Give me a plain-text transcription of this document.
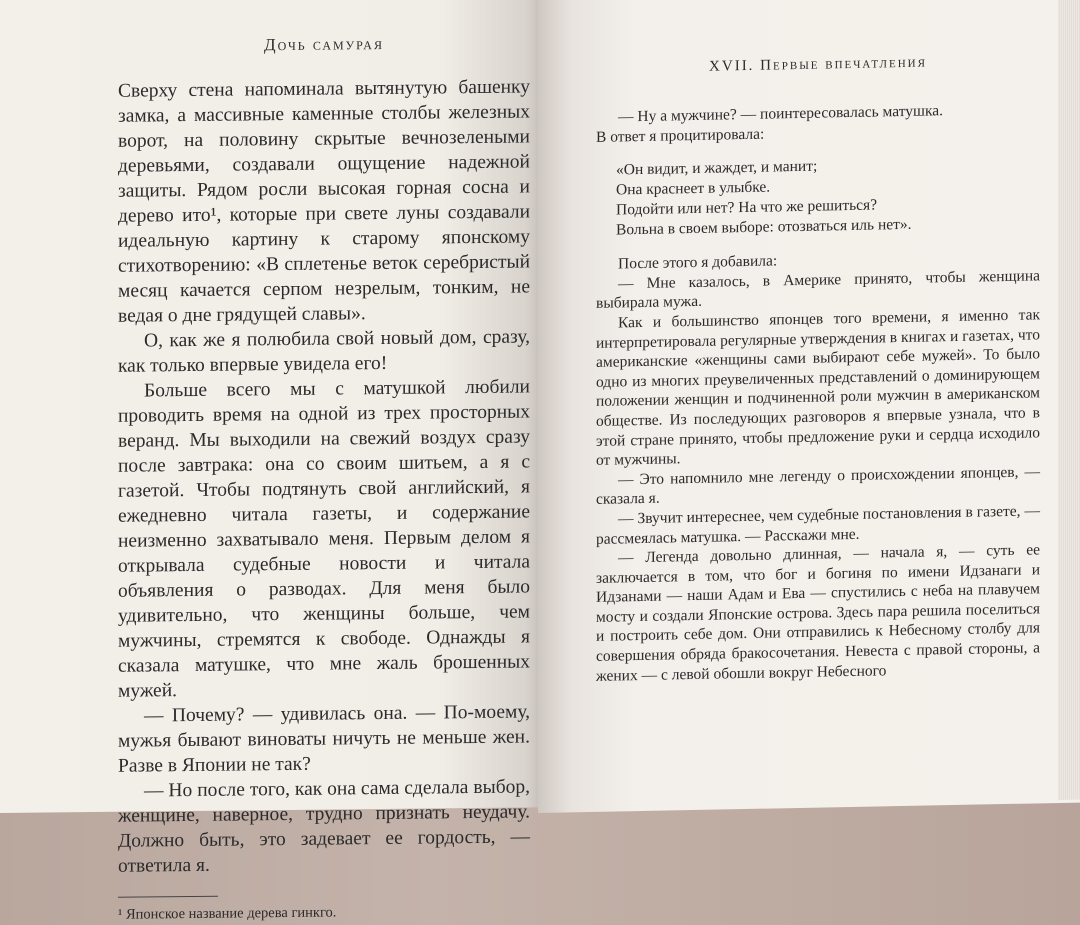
Дочь самурая

Сверху стена напоминала вытянутую башенку замка, а массивные каменные столбы железных ворот, на половину скрытые вечнозелеными деревьями, создавали ощущение надежной защиты. Рядом росли высокая горная сосна и дерево ито¹, которые при свете луны создавали идеальную картину к старому японскому стихотворению: «В сплетенье веток серебристый месяц качается серпом незрелым, тонким, не ведая о дне грядущей славы».

О, как же я полюбила свой новый дом, сразу, как только впервые увидела его!

Больше всего мы с матушкой любили проводить время на одной из трех просторных веранд. Мы выходили на свежий воздух сразу после завтрака: она со своим шитьем, а я с газетой. Чтобы подтянуть свой английский, я ежедневно читала газеты, и содержание неизменно захватывало меня. Первым делом я открывала судебные новости и читала объявления о разводах. Для меня было удивительно, что женщины больше, чем мужчины, стремятся к свободе. Однажды я сказала матушке, что мне жаль брошенных мужей.

— Почему? — удивилась она. — По-моему, мужья бывают виноваты ничуть не меньше жен. Разве в Японии не так?

— Но после того, как она сама сделала выбор, женщине, наверное, трудно признать неудачу. Должно быть, это задевает ее гордость, — ответила я.

¹ Японское название дерева гинкго.
XVII. Первые впечатления

— Ну а мужчине? — поинтересовалась матушка.

В ответ я процитировала:

«Он видит, и жаждет, и манит;
Она краснеет в улыбке.
Подойти или нет? На что же решиться?
Вольна в своем выборе: отозваться иль нет».

После этого я добавила:

— Мне казалось, в Америке принято, чтобы женщина выбирала мужа.

Как и большинство японцев того времени, я именно так интерпретировала регулярные утверждения в книгах и газетах, что американские «женщины сами выбирают себе мужей». То было одно из многих преувеличенных представлений о доминирующем положении женщин и подчиненной роли мужчин в американском обществе. Из последующих разговоров я впервые узнала, что в этой стране принято, чтобы предложение руки и сердца исходило от мужчины.

— Это напомнило мне легенду о происхождении японцев, — сказала я.

— Звучит интереснее, чем судебные постановления в газете, — рассмеялась матушка. — Расскажи мне.

— Легенда довольно длинная, — начала я, — суть ее заключается в том, что бог и богиня по имени Идзанаги и Идзанами — наши Адам и Ева — спустились с неба на плавучем мосту и создали Японские острова. Здесь пара решила поселиться и построить себе дом. Они отправились к Небесному столбу для совершения обряда бракосочетания. Невеста с правой стороны, а жених — с левой обошли вокруг Небесного
